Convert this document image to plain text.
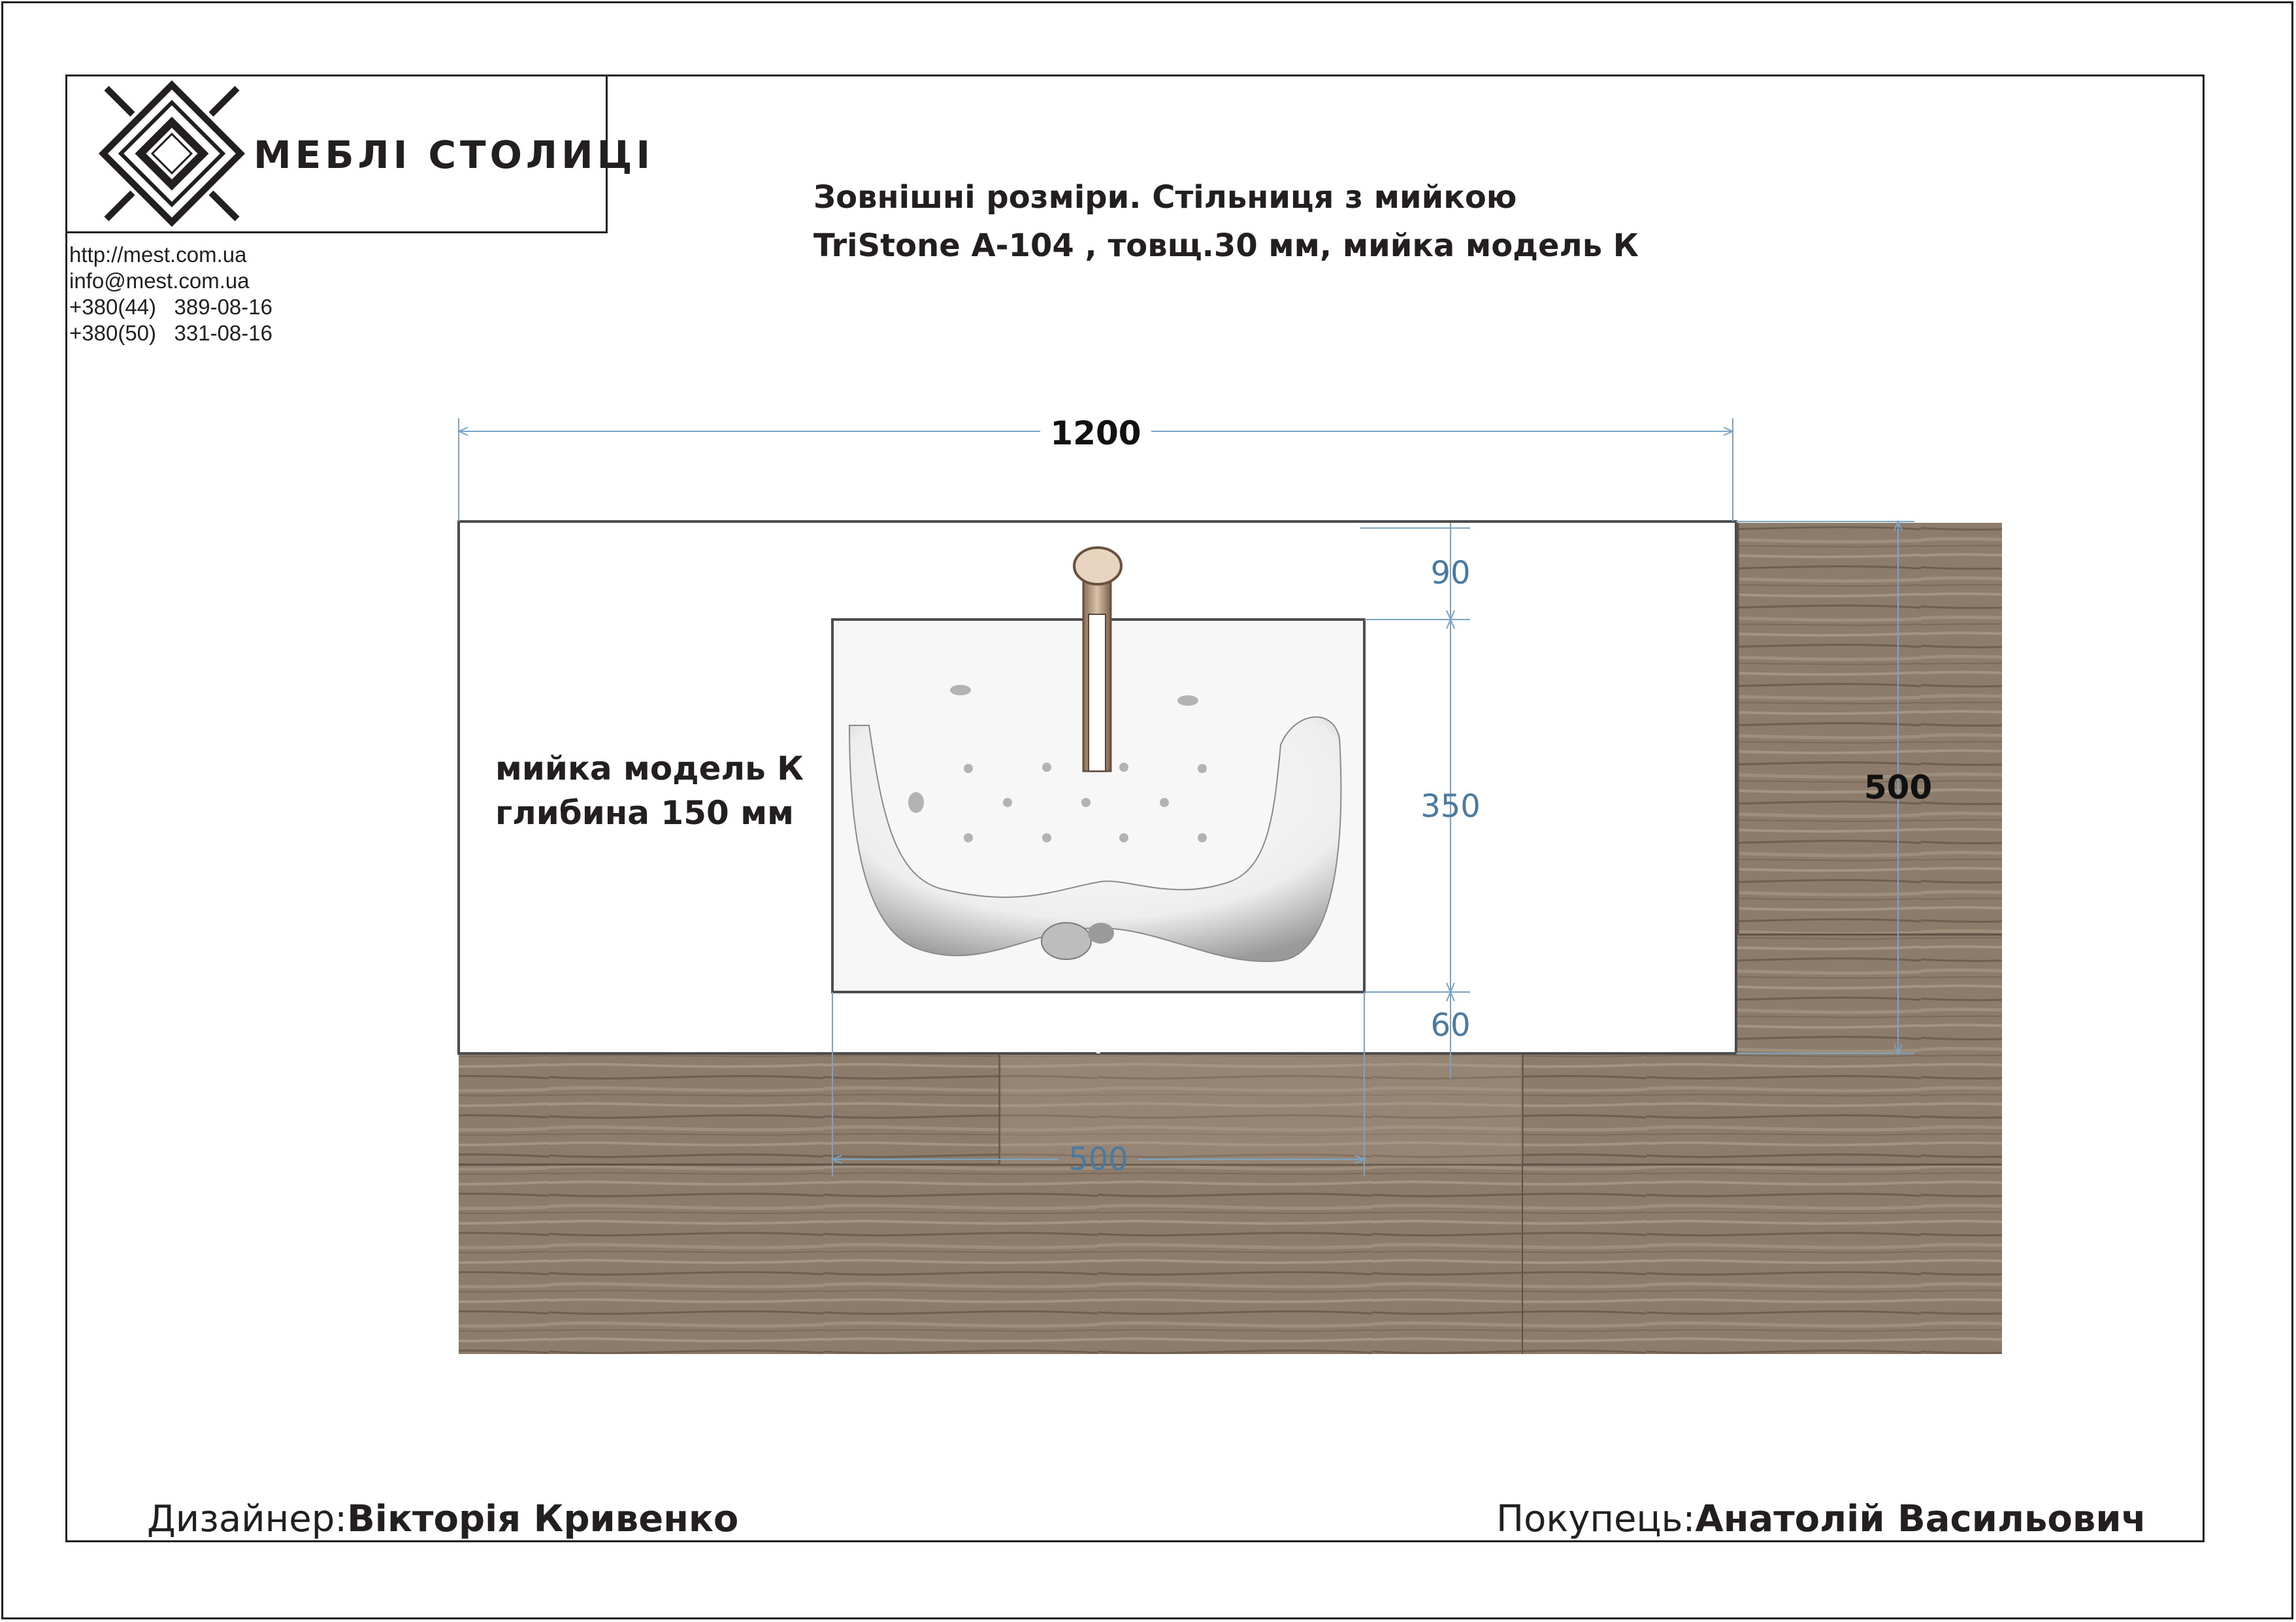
МЕБЛІ СТОЛИЦІ
http://mest.com.ua
info@mest.com.ua
+380(44)   389-08-16
+380(50)   331-08-16
Зовнішні розміри. Стільниця з мийкою
TriStone A-104 , товщ.30 мм, мийка модель К
1200
500
90
350
60
500
мийка модель К
глибина 150 мм
Дизайнер:Вікторія Кривенко	Покупець:Анатолій Васильович
